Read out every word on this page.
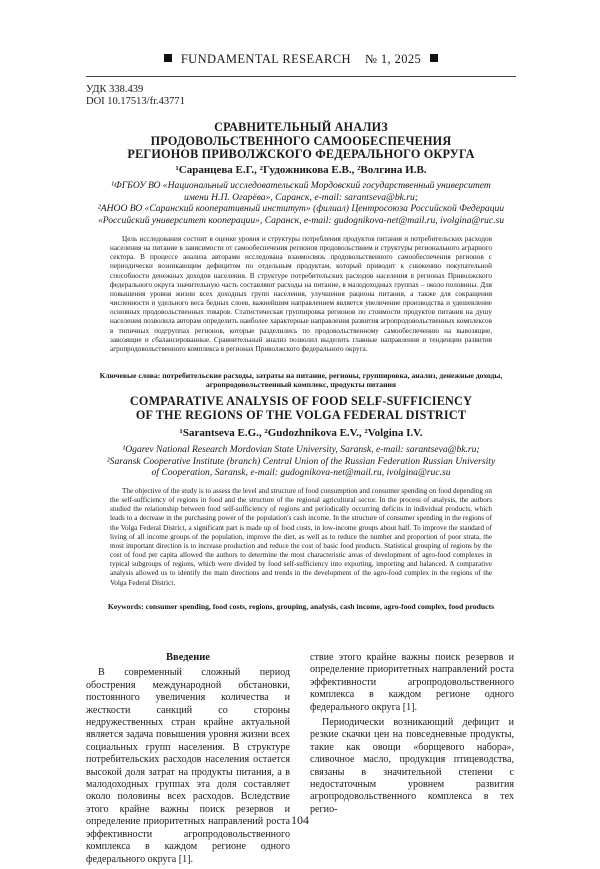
FUNDAMENTAL RESEARCH № 1, 2025
УДК 338.439
DOI 10.17513/fr.43771
СРАВНИТЕЛЬНЫЙ АНАЛИЗ
ПРОДОВОЛЬСТВЕННОГО САМООБЕСПЕЧЕНИЯ
РЕГИОНОВ ПРИВОЛЖСКОГО ФЕДЕРАЛЬНОГО ОКРУГА
¹Саранцева Е.Г., ²Гудожникова Е.В., ²Волгина И.В.
¹ФГБОУ ВО «Национальный исследовательский Мордовский государственный университет
имени Н.П. Огарёва», Саранск, e-mail: sarantseva@bk.ru;
²АНОО ВО «Саранский кооперативный институт» (филиал) Центросоюза Российской Федерации
«Российский университет кооперации», Саранск, e-mail: gudognikova-net@mail.ru, ivolgina@ruc.su
Цель исследования состоит в оценке уровня и структуры потребления продуктов питания и потребительских расходов населения на питание в зависимости от самообеспечения регионов продовольствием и структуры регионального аграрного сектора. В процессе анализа авторами исследована взаимосвязь продовольственного самообеспечения регионов с периодически возникающим дефицитом по отдельным продуктам, который приводит к снижению покупательной способности денежных доходов населения. В структуре потребительских расходов населения в регионах Приволжского федерального округа значительную часть составляют расходы на питание, в малодоходных группах – около половины. Для повышения уровня жизни всех доходных групп населения, улучшения рациона питания, а также для сокращения численности и удельного веса бедных слоев, важнейшим направлением является увеличение производства и удешевление основных продовольственных товаров. Статистическая группировка регионов по стоимости продуктов питания на душу населения позволила авторам определить наиболее характерные направления развития агропродовольственных комплексов в типичных подгруппах регионов, которые разделились по продовольственному самообеспечению на вывозящие, завозящие и сбалансированные. Сравнительный анализ позволил выделить главные направления и тенденции развития агропродовольственного комплекса в регионах Приволжского федерального округа.
Ключевые слова: потребительские расходы, затраты на питание, регионы, группировка, анализ, денежные доходы, агропродовольственный комплекс, продукты питания
COMPARATIVE ANALYSIS OF FOOD SELF-SUFFICIENCY
OF THE REGIONS OF THE VOLGA FEDERAL DISTRICT
¹Sarantseva E.G., ²Gudozhnikova E.V., ²Volgina I.V.
¹Ogarev National Research Mordovian State University, Saransk, e-mail: sarantseva@bk.ru;
²Saransk Cooperative Institute (branch) Central Union of the Russian Federation Russian University
of Cooperation, Saransk, e-mail: gudognikova-net@mail.ru, ivolgina@ruc.su
The objective of the study is to assess the level and structure of food consumption and consumer spending on food depending on the self-sufficiency of regions in food and the structure of the regional agricultural sector. In the process of analysis, the authors studied the relationship between food self-sufficiency of regions and periodically occurring deficits in individual products, which leads to a decrease in the purchasing power of the population's cash income. In the structure of consumer spending in the regions of the Volga Federal District, a significant part is made up of food costs, in low-income groups about half. To improve the standard of living of all income groups of the population, improve the diet, as well as to reduce the number and proportion of poor strata, the most important direction is to increase production and reduce the cost of basic food products. Statistical grouping of regions by the cost of food per capita allowed the authors to determine the most characteristic areas of development of agro-food complexes in typical subgroups of regions, which were divided by food self-sufficiency into exporting, importing and balanced. A comparative analysis allowed us to identify the main directions and trends in the development of the agro-food complex in the regions of the Volga Federal District.
Keywords: consumer spending, food costs, regions, grouping, analysis, cash income, agro-food complex, food products
Введение

В современный сложный период обострения международной обстановки, постоянного увеличения количества и жесткости санкций со стороны недружественных стран крайне актуальной является задача повышения уровня жизни всех социальных групп населения. В структуре потребительских расходов населения остается высокой доля затрат на продукты питания, а в малодоходных группах эта доля составляет около половины всех расходов. Вследствие этого крайне важны поиск резервов и определение приоритетных направлений роста эффективности агропродовольственного комплекса в каждом регионе одного федерального округа [1].

ствие этого крайне важны поиск резервов и определение приоритетных направлений роста эффективности агропродовольственного комплекса в каждом регионе одного федерального округа [1].

Периодически возникающий дефицит и резкие скачки цен на повседневные продукты, такие как овощи «борщевого набора», сливочное масло, продукция птицеводства, связаны в значительной степени с недостаточным уровнем развития агропродовольственного комплекса в тех регио-

104
